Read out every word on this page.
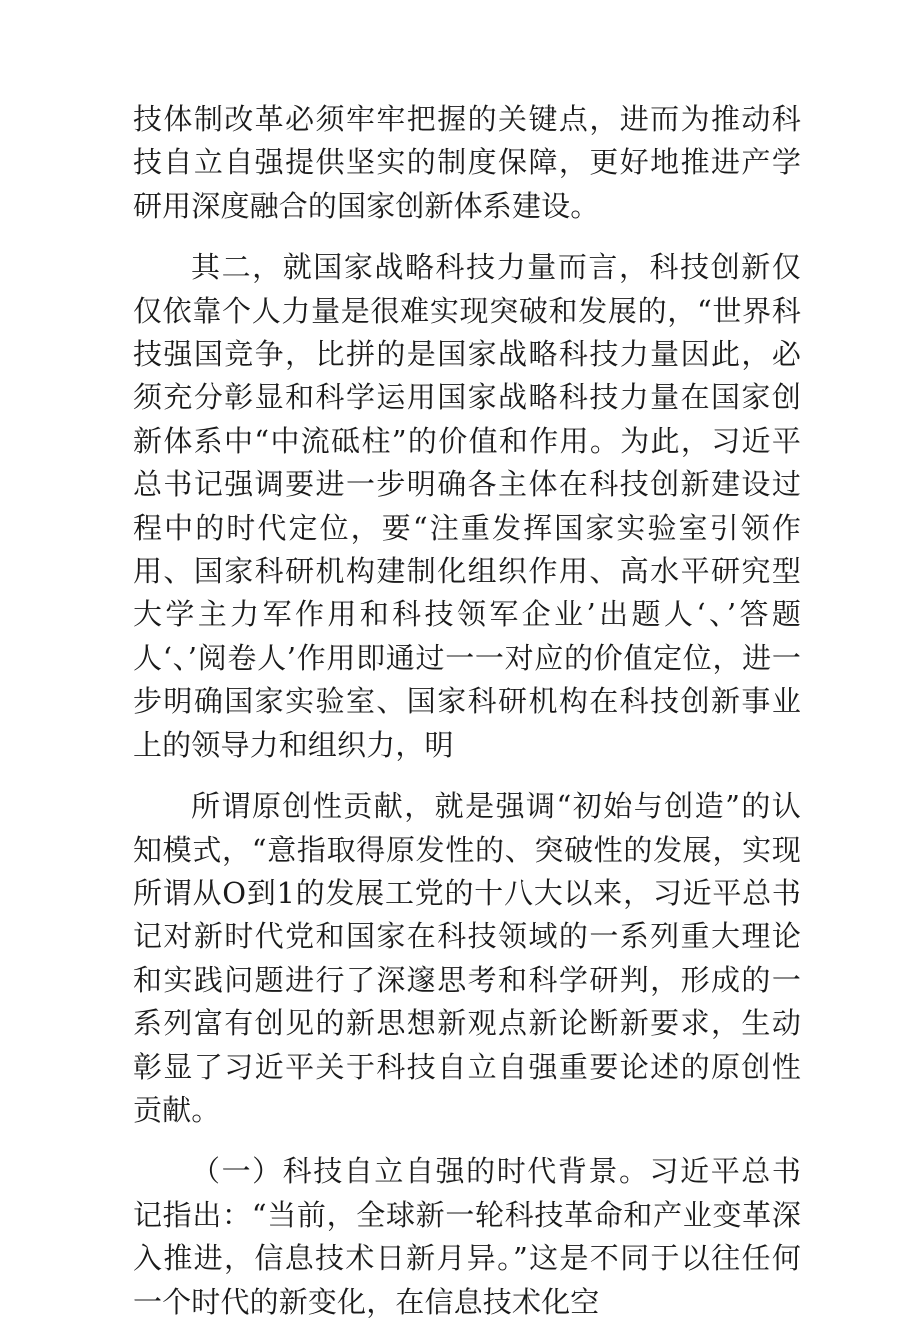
技体制改革必须牢牢把握的关键点，进而为推动科技自立自强提供坚实的制度保障，更好地推进产学研用深度融合的国家创新体系建设。

其二，就国家战略科技力量而言，科技创新仅仅依靠个人力量是很难实现突破和发展的，“世界科技强国竞争，比拼的是国家战略科技力量因此，必须充分彰显和科学运用国家战略科技力量在国家创新体系中“中流砥柱”的价值和作用。为此，习近平总书记强调要进一步明确各主体在科技创新建设过程中的时代定位，要“注重发挥国家实验室引领作用、国家科研机构建制化组织作用、高水平研究型大学主力军作用和科技领军企业’出题人‘、’答题人‘、’阅卷人’作用即通过一一对应的价值定位，进一步明确国家实验室、国家科研机构在科技创新事业上的领导力和组织力，明

所谓原创性贡献，就是强调“初始与创造”的认知模式，“意指取得原发性的、突破性的发展，实现所谓从O到1的发展工党的十八大以来，习近平总书记对新时代党和国家在科技领域的一系列重大理论和实践问题进行了深邃思考和科学研判，形成的一系列富有创见的新思想新观点新论断新要求，生动彰显了习近平关于科技自立自强重要论述的原创性贡献。

（一）科技自立自强的时代背景。习近平总书记指出：“当前，全球新一轮科技革命和产业变革深入推进，信息技术日新月异。”这是不同于以往任何一个时代的新变化，在信息技术化空
